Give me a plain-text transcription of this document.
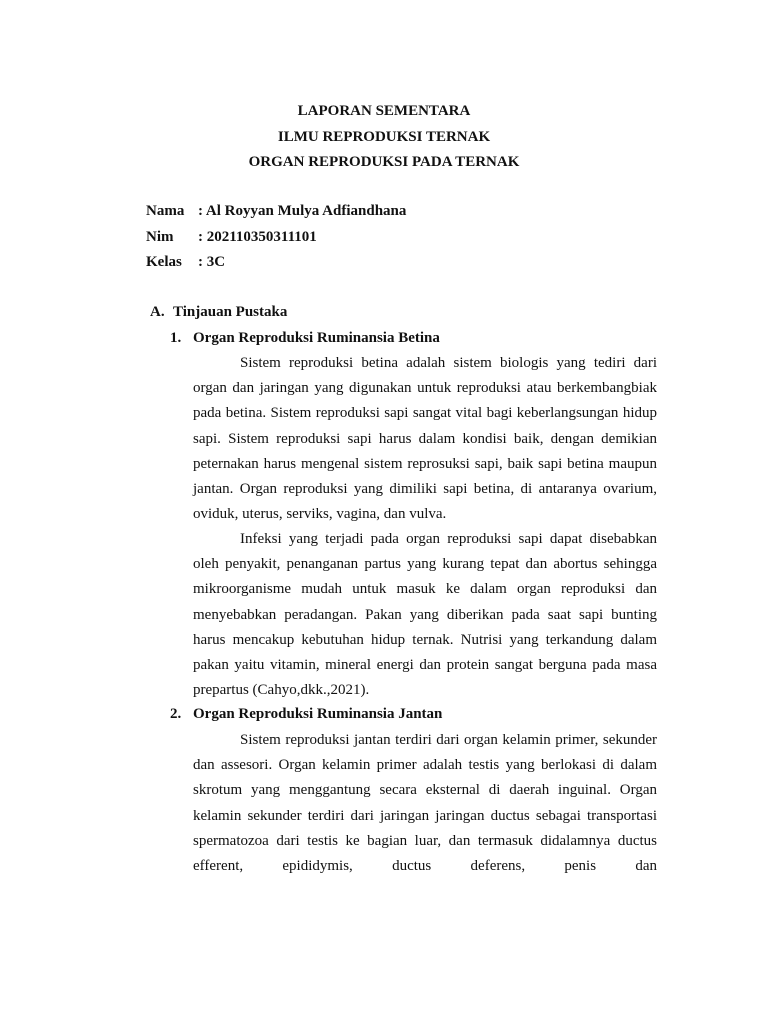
LAPORAN SEMENTARA
ILMU REPRODUKSI TERNAK
ORGAN REPRODUKSI PADA TERNAK
Nama : Al Royyan Mulya Adfiandhana
Nim : 202110350311101
Kelas : 3C
A. Tinjauan Pustaka
1. Organ Reproduksi Ruminansia Betina

Sistem reproduksi betina adalah sistem biologis yang tediri dari organ dan jaringan yang digunakan untuk reproduksi atau berkembangbiak pada betina. Sistem reproduksi sapi sangat vital bagi keberlangsungan hidup sapi. Sistem reproduksi sapi harus dalam kondisi baik, dengan demikian peternakan harus mengenal sistem reprosuksi sapi, baik sapi betina maupun jantan. Organ reproduksi yang dimiliki sapi betina, di antaranya ovarium, oviduk, uterus, serviks, vagina, dan vulva.

Infeksi yang terjadi pada organ reproduksi sapi dapat disebabkan oleh penyakit, penanganan partus yang kurang tepat dan abortus sehingga mikroorganisme mudah untuk masuk ke dalam organ reproduksi dan menyebabkan peradangan. Pakan yang diberikan pada saat sapi bunting harus mencakup kebutuhan hidup ternak. Nutrisi yang terkandung dalam pakan yaitu vitamin, mineral energi dan protein sangat berguna pada masa prepartus (Cahyo,dkk.,2021).

2. Organ Reproduksi Ruminansia Jantan

Sistem reproduksi jantan terdiri dari organ kelamin primer, sekunder dan assesori. Organ kelamin primer adalah testis yang berlokasi di dalam skrotum yang menggantung secara eksternal di daerah inguinal. Organ kelamin sekunder terdiri dari jaringan jaringan ductus sebagai transportasi spermatozoa dari testis ke bagian luar, dan termasuk didalamnya ductus efferent, epididymis, ductus deferens, penis dan
